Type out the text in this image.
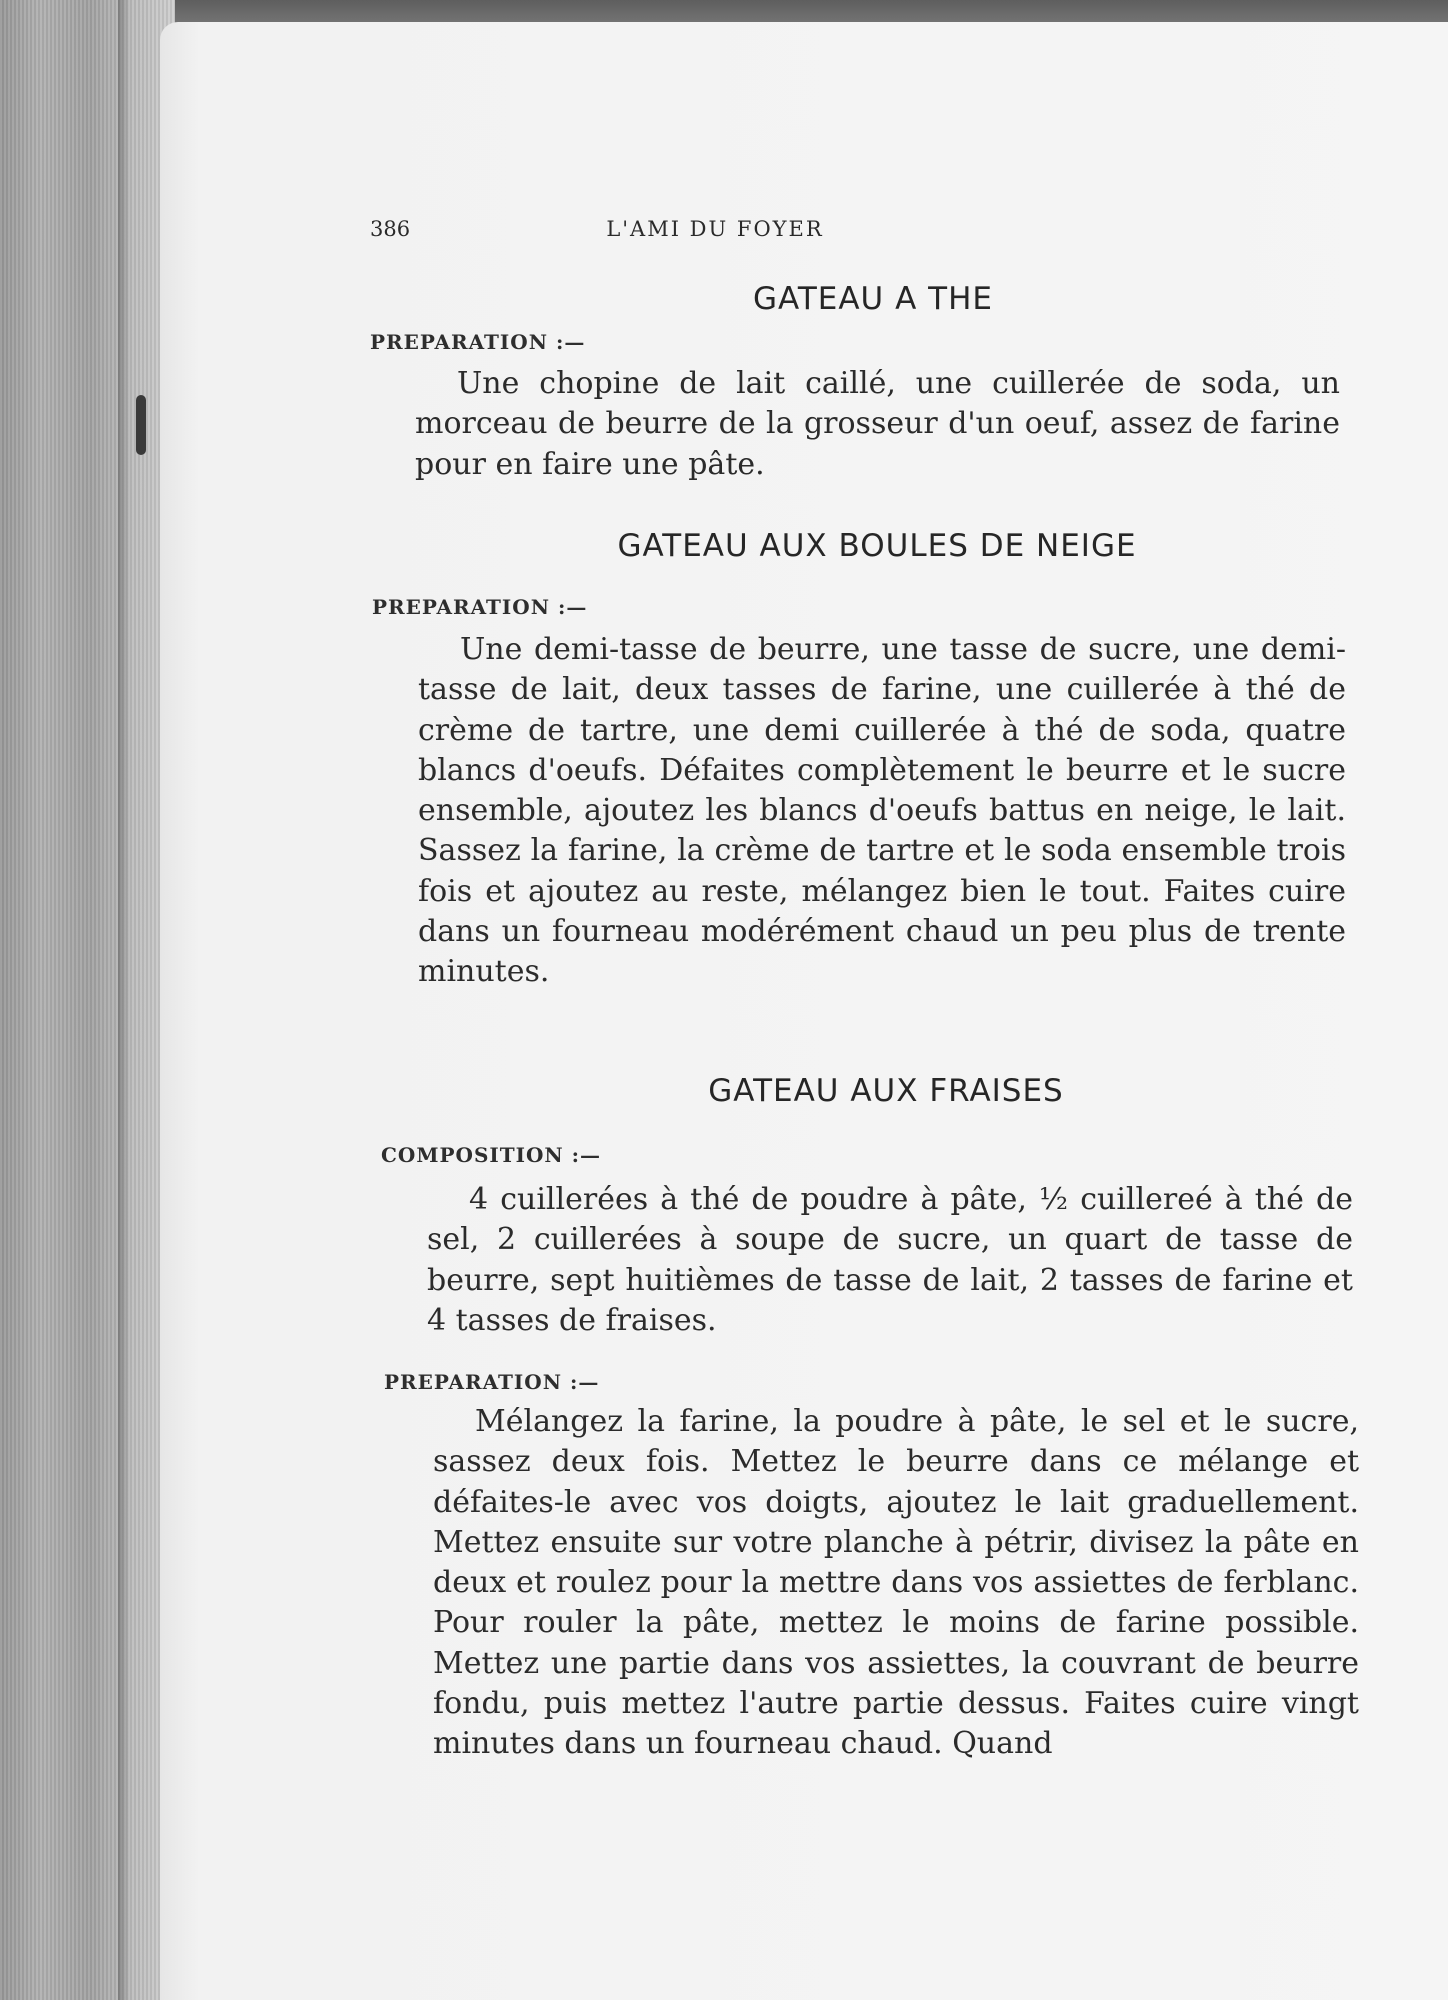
386	L'AMI DU FOYER
GATEAU A THE
PREPARATION :—

Une chopine de lait caillé, une cuillerée de soda, un morceau de beurre de la grosseur d'un oeuf, assez de farine pour en faire une pâte.

GATEAU AUX BOULES DE NEIGE
PREPARATION :—

Une demi-tasse de beurre, une tasse de sucre, une demi-tasse de lait, deux tasses de farine, une cuillerée à thé de crème de tartre, une demi cuillerée à thé de soda, quatre blancs d'oeufs. Défaites complètement le beurre et le sucre ensemble, ajoutez les blancs d'oeufs battus en neige, le lait. Sassez la farine, la crème de tartre et le soda ensemble trois fois et ajoutez au reste, mélangez bien le tout. Faites cuire dans un fourneau modérément chaud un peu plus de trente minutes.

GATEAU AUX FRAISES
COMPOSITION :—

4 cuillerées à thé de poudre à pâte, ½ cuillereé à thé de sel, 2 cuillerées à soupe de sucre, un quart de tasse de beurre, sept huitièmes de tasse de lait, 2 tasses de farine et 4 tasses de fraises.

PREPARATION :—

Mélangez la farine, la poudre à pâte, le sel et le sucre, sassez deux fois. Mettez le beurre dans ce mélange et défaites-le avec vos doigts, ajoutez le lait graduellement. Mettez ensuite sur votre planche à pétrir, divisez la pâte en deux et roulez pour la mettre dans vos assiettes de ferblanc. Pour rouler la pâte, mettez le moins de farine possible. Mettez une partie dans vos assiettes, la couvrant de beurre fondu, puis mettez l'autre partie dessus. Faites cuire vingt minutes dans un fourneau chaud. Quand
